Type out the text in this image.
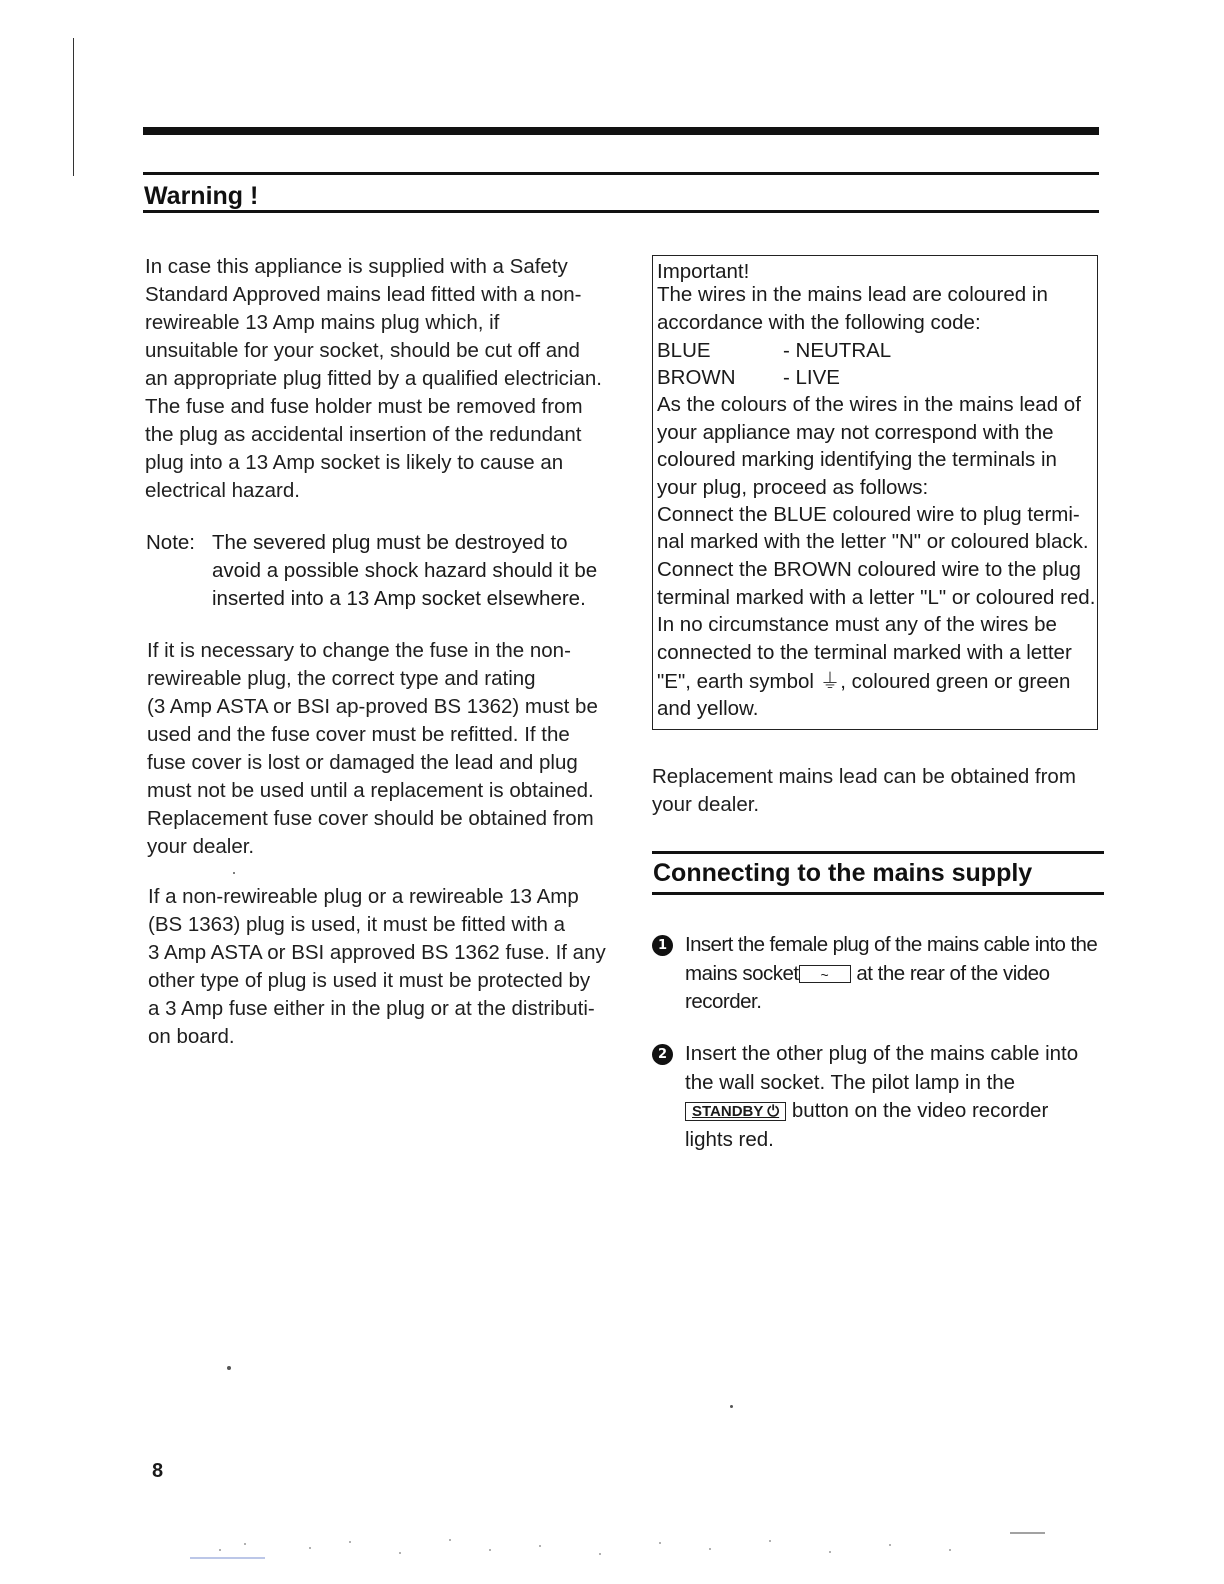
Warning !
In case this appliance is supplied with a Safety
Standard Approved mains lead fitted with a non-
rewireable 13 Amp mains plug which, if
unsuitable for your socket, should be cut off and
an appropriate plug fitted by a qualified electrician.
The fuse and fuse holder must be removed from
the plug as accidental insertion of the redundant
plug into a 13 Amp socket is likely to cause an
electrical hazard.
Note: The severed plug must be destroyed to
avoid a possible shock hazard should it be
inserted into a 13 Amp socket elsewhere.
If it is necessary to change the fuse in the non-
rewireable plug, the correct type and rating
(3 Amp ASTA or BSI ap-proved BS 1362) must be
used and the fuse cover must be refitted. If the
fuse cover is lost or damaged the lead and plug
must not be used until a replacement is obtained.
Replacement fuse cover should be obtained from
your dealer.
If a non-rewireable plug or a rewireable 13 Amp
(BS 1363) plug is used, it must be fitted with a
3 Amp ASTA or BSI approved BS 1362 fuse. If any
other type of plug is used it must be protected by
a 3 Amp fuse either in the plug or at the distributi-
on board.
Important!
The wires in the mains lead are coloured in
accordance with the following code:
BLUE	- NEUTRAL
BROWN - LIVE
As the colours of the wires in the mains lead of
your appliance may not correspond with the
coloured marking identifying the terminals in
your plug, proceed as follows:
Connect the BLUE coloured wire to plug termi-
nal marked with the letter "N" or coloured black.
Connect the BROWN coloured wire to the plug
terminal marked with a letter "L" or coloured red.
In no circumstance must any of the wires be
connected to the terminal marked with a letter
"E", earth symbol ⏚, coloured green or green
and yellow.
Replacement mains lead can be obtained from
your dealer.
Connecting to the mains supply
1 Insert the female plug of the mains cable into the
mains socket ~ at the rear of the video
recorder.
2 Insert the other plug of the mains cable into
the wall socket. The pilot lamp in the
STANDBY ⏻ button on the video recorder
lights red.
8
